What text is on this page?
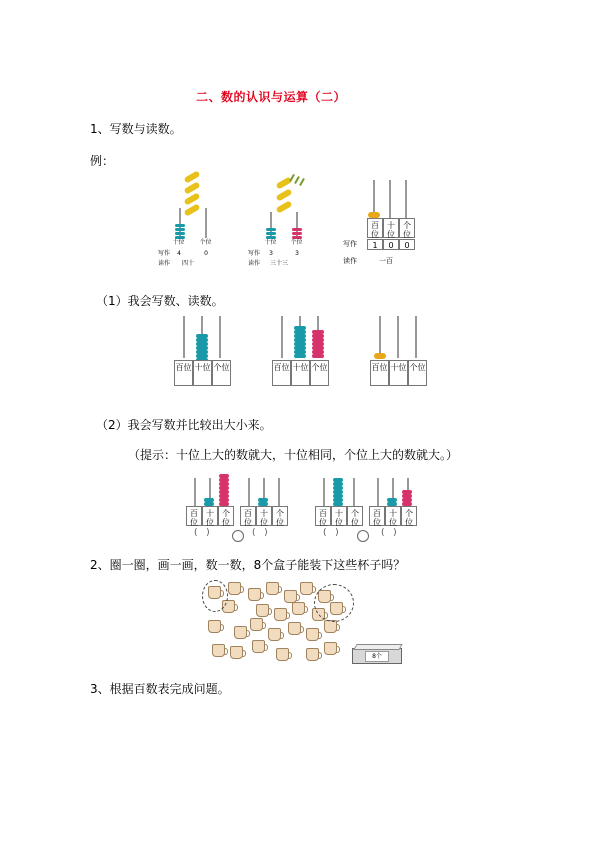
二、数的认识与运算（二）
1、写数与读数。
例：
十位 个位
写作	4	0
读作 四十
十位 个位
写作	3	3
读作 三十三
百位
十位
个位
写作	1	0	0
读作	一百
（1）我会写数、读数。
百位 十位 个位	百位 十位 个位	百位 十位 个位
（2）我会写数并比较出大小来。
（提示：十位上大的数就大，十位相同，个位上大的数就大。）
百位
十位
个位
百位
十位
个位
(   )	(   )
百位
十位
个位
百位
十位
个位
(   )	(   )
2、圈一圈，画一画，数一数，8个盒子能装下这些杯子吗？
8个
3、根据百数表完成问题。
